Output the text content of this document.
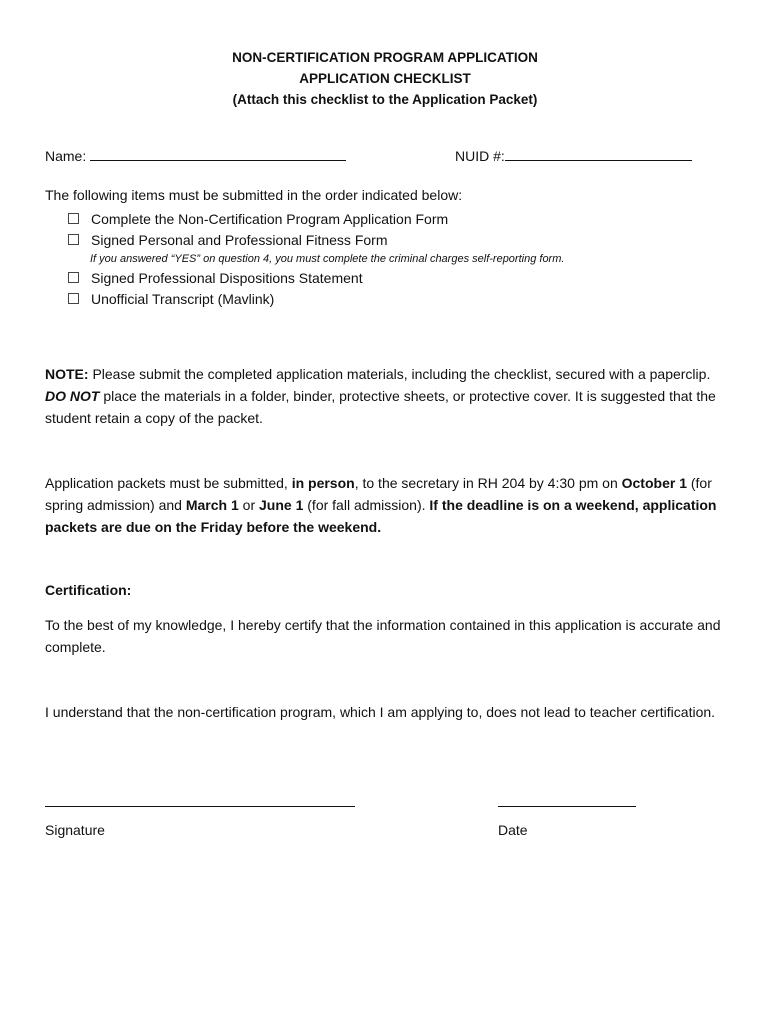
NON-CERTIFICATION PROGRAM APPLICATION
APPLICATION CHECKLIST
(Attach this checklist to the Application Packet)
Name:	NUID #:
The following items must be submitted in the order indicated below:
Complete the Non-Certification Program Application Form
Signed Personal and Professional Fitness Form
If you answered “YES” on question 4, you must complete the criminal charges self-reporting form.
Signed Professional Dispositions Statement
Unofficial Transcript (Mavlink)
NOTE: Please submit the completed application materials, including the checklist, secured with a paperclip. DO NOT place the materials in a folder, binder, protective sheets, or protective cover. It is suggested that the student retain a copy of the packet.
Application packets must be submitted, in person, to the secretary in RH 204 by 4:30 pm on October 1 (for spring admission) and March 1 or June 1 (for fall admission). If the deadline is on a weekend, application packets are due on the Friday before the weekend.
Certification:
To the best of my knowledge, I hereby certify that the information contained in this application is accurate and complete.
I understand that the non-certification program, which I am applying to, does not lead to teacher certification.
Signature	Date
